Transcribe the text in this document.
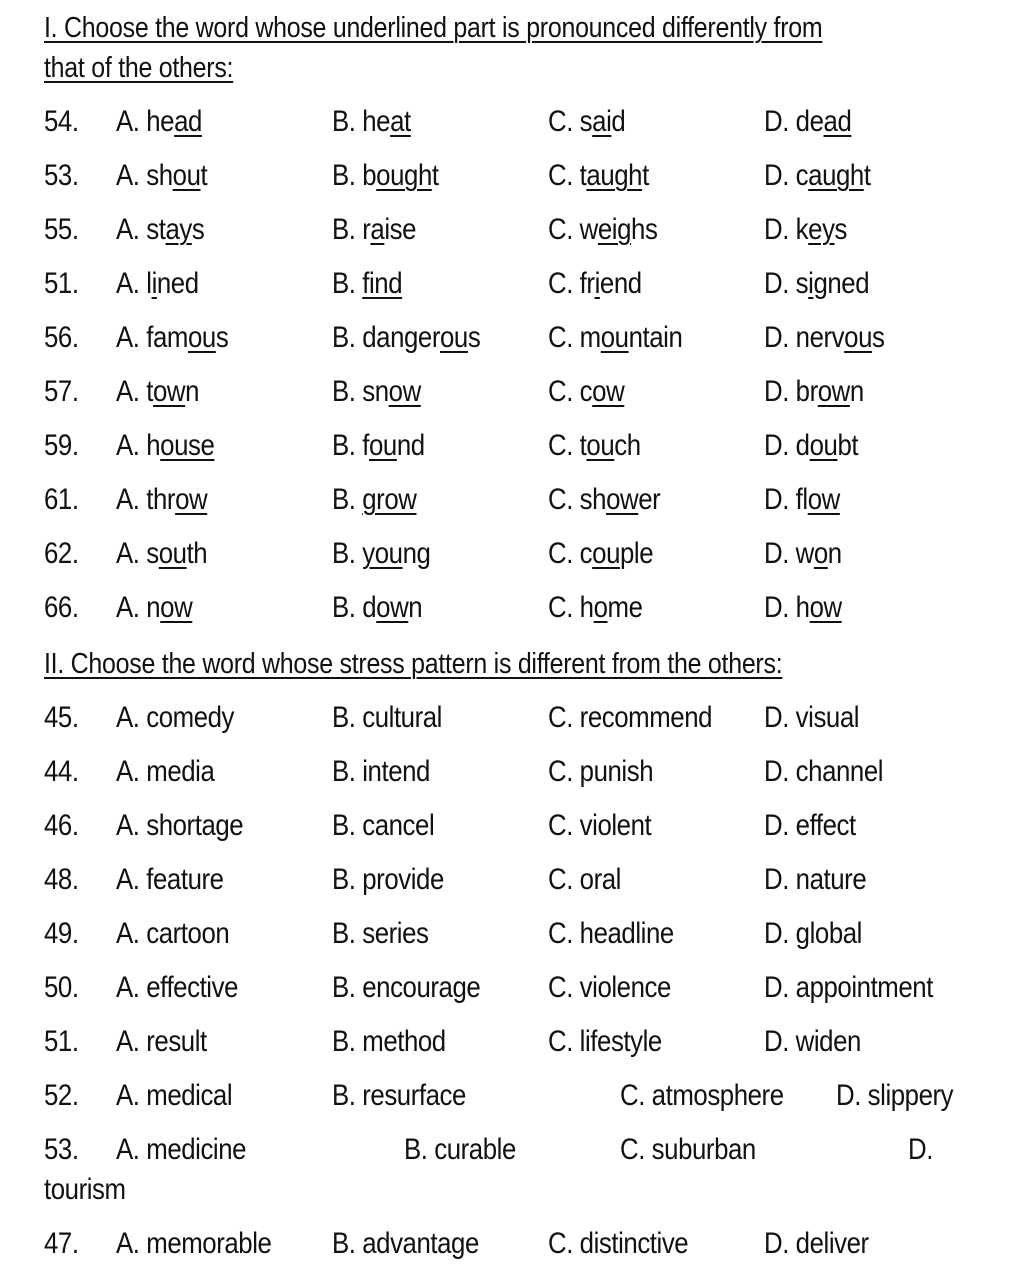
I. Choose the word whose underlined part is pronounced differently from
that of the others:
54. A. head	B. heat	C. said	D. dead
53. A. shout	B. bought	C. taught	D. caught
55. A. stays	B. raise	C. weighs	D. keys
51. A. lined	B. find	C. friend	D. signed
56. A. famous	B. dangerous C. mountain	D. nervous
57. A. town	B. snow	C. cow	D. brown
59. A. house	B. found	C. touch	D. doubt
61. A. throw	B. grow	C. shower	D. flow
62. A. south	B. young	C. couple	D. won
66. A. now	B. down	C. home	D. how
II. Choose the word whose stress pattern is different from the others:
45. A. comedy	B. cultural	C. recommend D. visual
44. A. media	B. intend	C. punish	D. channel
46. A. shortage	B. cancel	C. violent	D. effect
48. A. feature	B. provide	C. oral	D. nature
49. A. cartoon	B. series	C. headline	D. global
50. A. effective	B. encourage C. violence	D. appointment
51. A. result	B. method	C. lifestyle	D. widen
52. A. medical	B. resurface	C. atmosphere D. slippery
53. A. medicine	B. curable	C. suburban	D.
tourism
47. A. memorable B. advantage C. distinctive	D. deliver
